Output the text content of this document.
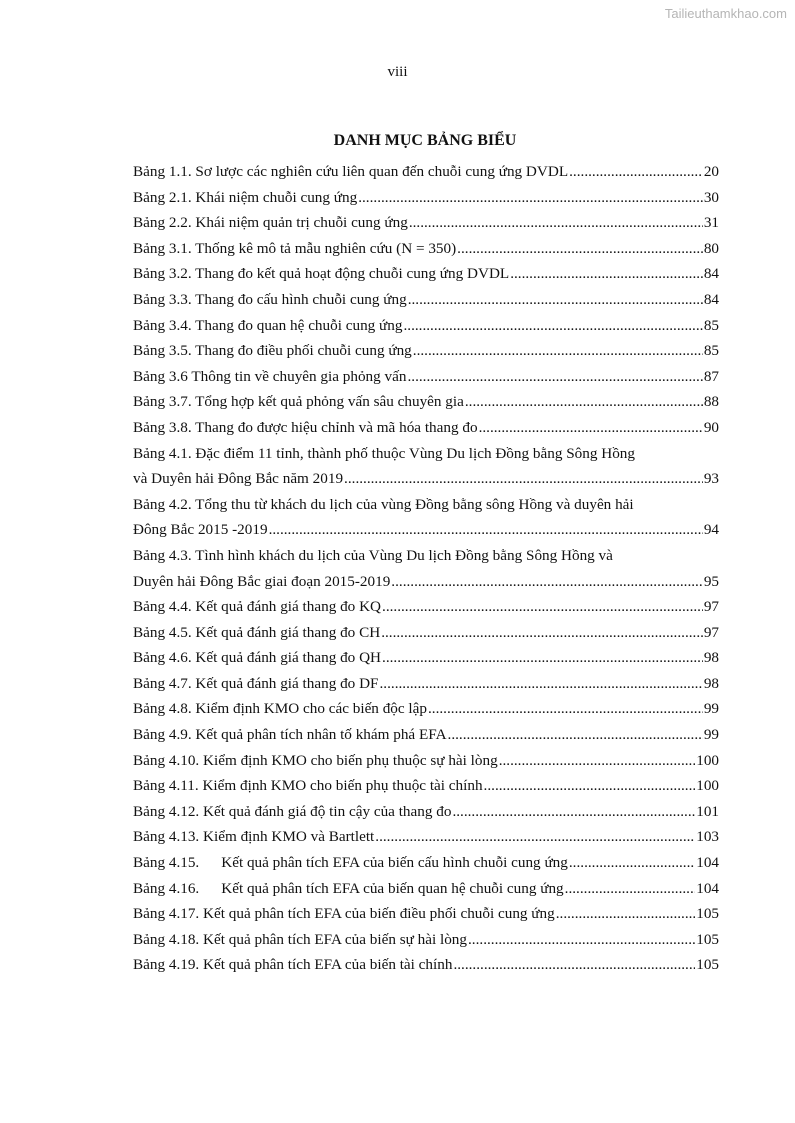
Tailieuthamkhao.com
viii
DANH MỤC BẢNG BIỂU
Bảng 1.1. Sơ lược các nghiên cứu liên quan đến chuỗi cung ứng DVDL .....	20
Bảng 2.1. Khái niệm chuỗi cung ứng .....	30
Bảng 2.2. Khái niệm quản trị chuỗi cung ứng .....	31
Bảng 3.1. Thống kê mô tả mẫu nghiên cứu (N = 350) .....	80
Bảng 3.2. Thang đo kết quả hoạt động chuỗi cung ứng DVDL .....	84
Bảng 3.3. Thang đo cấu hình chuỗi cung ứng .....	84
Bảng 3.4. Thang đo quan hệ chuỗi cung ứng .....	85
Bảng 3.5. Thang đo điều phối chuỗi cung ứng .....	85
Bảng 3.6 Thông tin về chuyên gia phỏng vấn .....	87
Bảng 3.7. Tổng hợp kết quả phỏng vấn sâu chuyên gia .....	88
Bảng 3.8. Thang đo được hiệu chỉnh và mã hóa thang đo .....	90
Bảng 4.1. Đặc điểm 11 tỉnh, thành phố thuộc Vùng Du lịch Đồng bằng Sông Hồng
và Duyên hải Đông Bắc năm 2019 .....	93
Bảng 4.2. Tổng thu từ khách du lịch của vùng Đồng bằng sông Hồng và duyên hải
Đông Bắc 2015 -2019 .....	94
Bảng 4.3. Tình hình khách du lịch của Vùng Du lịch Đồng bằng Sông Hồng và
Duyên hải Đông Bắc giai đoạn 2015-2019 .....	95
Bảng 4.4. Kết quả đánh giá thang đo KQ .....	97
Bảng 4.5. Kết quả đánh giá thang đo CH .....	97
Bảng 4.6. Kết quả đánh giá thang đo QH .....	98
Bảng 4.7. Kết quả đánh giá thang đo DF .....	98
Bảng 4.8. Kiểm định KMO cho các biến độc lập .....	99
Bảng 4.9. Kết quả phân tích nhân tố khám phá EFA .....	99
Bảng 4.10. Kiểm định KMO cho biến phụ thuộc sự hài lòng .....	100
Bảng 4.11. Kiểm định KMO cho biến phụ thuộc tài chính .....	100
Bảng 4.12. Kết quả đánh giá độ tin cậy của thang đo .....	101
Bảng 4.13. Kiểm định KMO và Bartlett .....	103
Bảng 4.15. Kết quả phân tích EFA của biến cấu hình chuỗi cung ứng .....	104
Bảng 4.16. Kết quả phân tích EFA của biến quan hệ chuỗi cung ứng .....	104
Bảng 4.17. Kết quả phân tích EFA của biến điều phối chuỗi cung ứng .....	105
Bảng 4.18. Kết quả phân tích EFA của biến sự hài lòng .....	105
Bảng 4.19. Kết quả phân tích EFA của biến tài chính .....	105
